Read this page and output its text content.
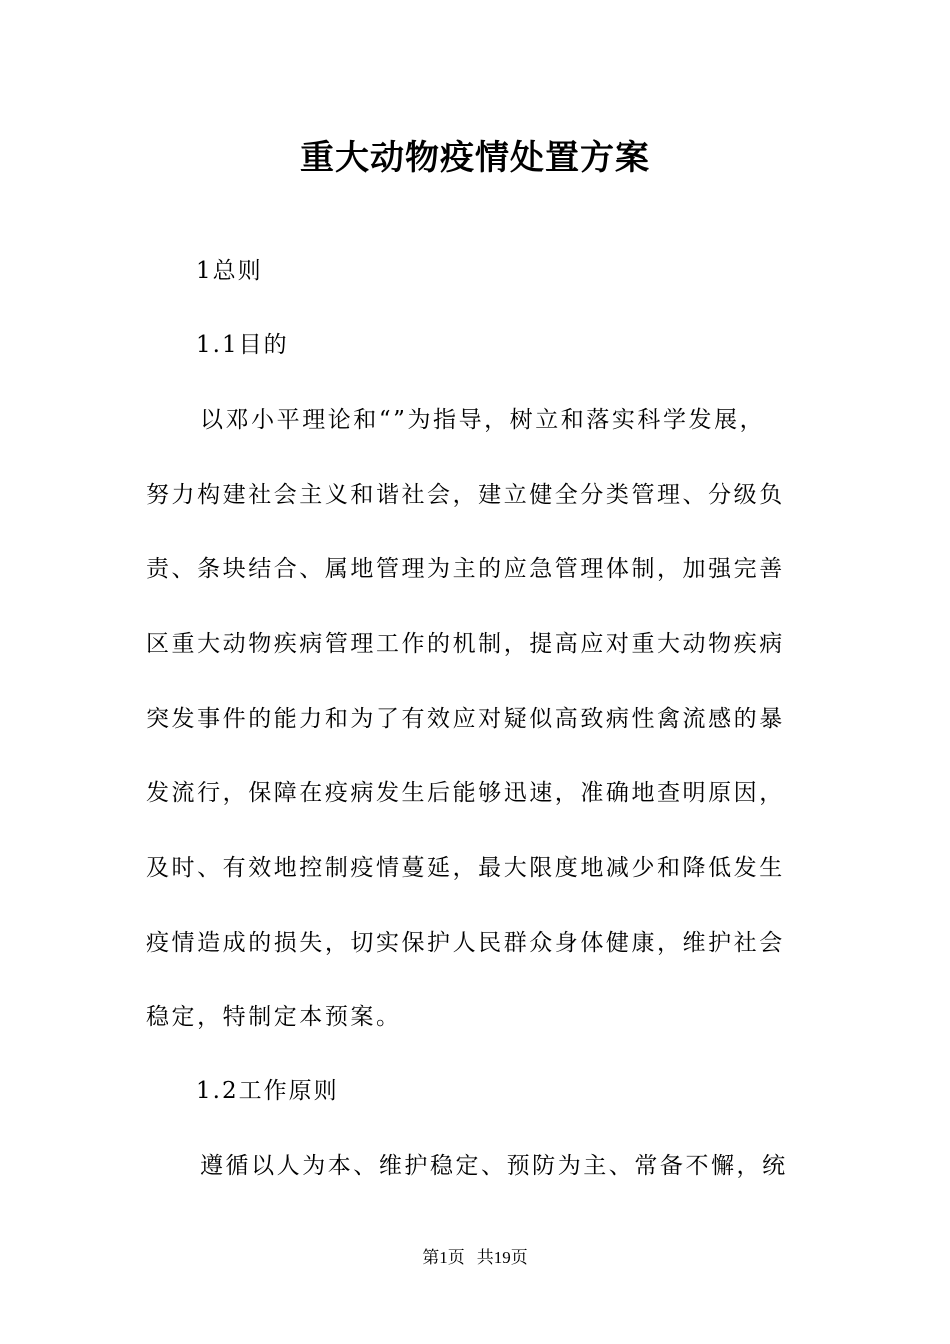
重大动物疫情处置方案
1总则
1.1目的
以邓小平理论和“”为指导，树立和落实科学发展，
努力构建社会主义和谐社会，建立健全分类管理、分级负
责、条块结合、属地管理为主的应急管理体制，加强完善
区重大动物疾病管理工作的机制，提高应对重大动物疾病
突发事件的能力和为了有效应对疑似高致病性禽流感的暴
发流行，保障在疫病发生后能够迅速，准确地查明原因，
及时、有效地控制疫情蔓延，最大限度地减少和降低发生
疫情造成的损失，切实保护人民群众身体健康，维护社会
稳定，特制定本预案。
1.2工作原则
遵循以人为本、维护稳定、预防为主、常备不懈，统
第1页 共19页
